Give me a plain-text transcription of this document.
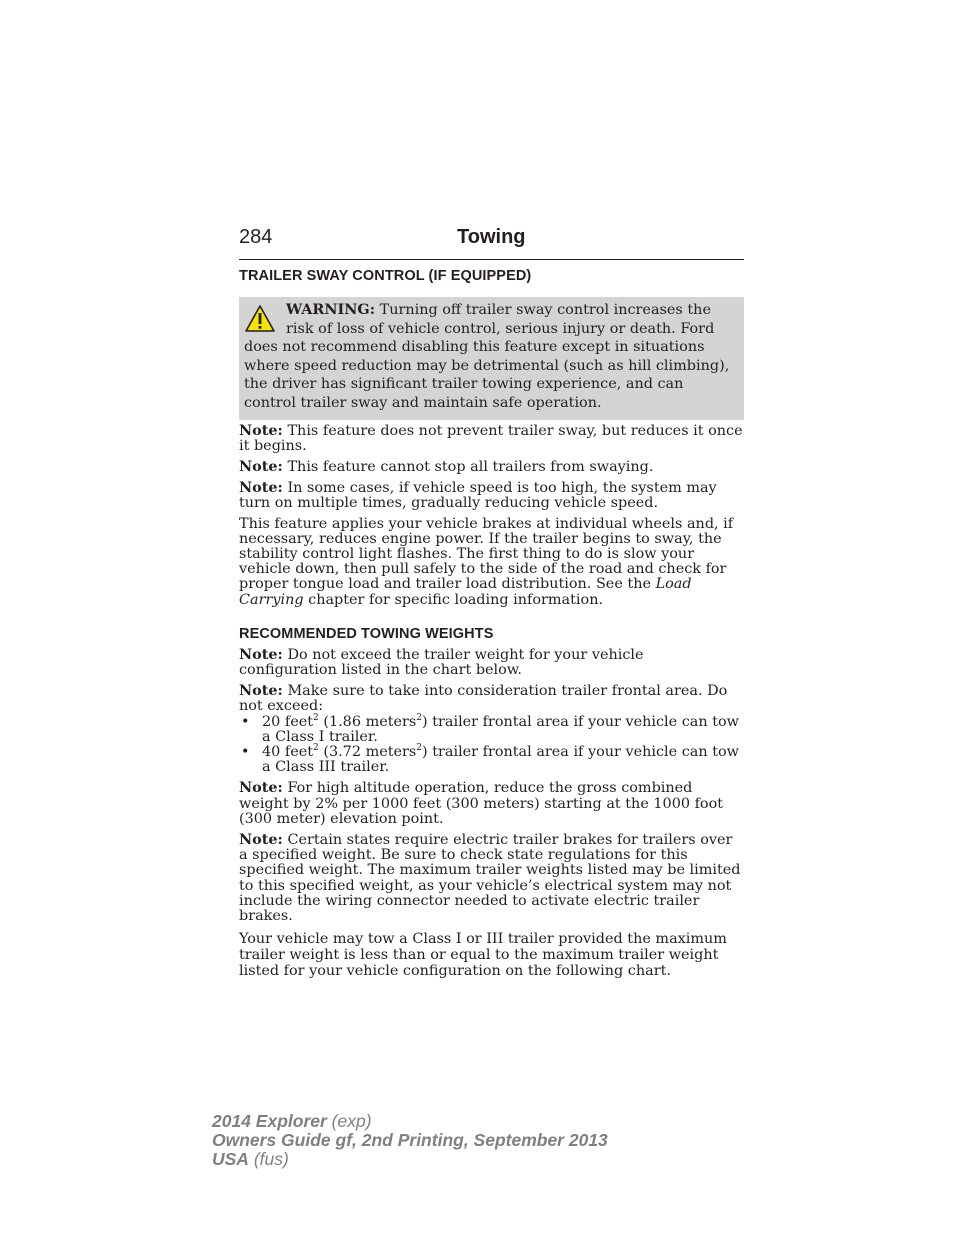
284	Towing
TRAILER SWAY CONTROL (IF EQUIPPED)
WARNING: Turning off trailer sway control increases the risk of loss of vehicle control, serious injury or death. Ford does not recommend disabling this feature except in situations where speed reduction may be detrimental (such as hill climbing), the driver has significant trailer towing experience, and can control trailer sway and maintain safe operation.

Note: This feature does not prevent trailer sway, but reduces it once it begins.

Note: This feature cannot stop all trailers from swaying.

Note: In some cases, if vehicle speed is too high, the system may turn on multiple times, gradually reducing vehicle speed.

This feature applies your vehicle brakes at individual wheels and, if necessary, reduces engine power. If the trailer begins to sway, the stability control light flashes. The first thing to do is slow your vehicle down, then pull safely to the side of the road and check for proper tongue load and trailer load distribution. See the Load Carrying chapter for specific loading information.

RECOMMENDED TOWING WEIGHTS

Note: Do not exceed the trailer weight for your vehicle configuration listed in the chart below.

Note: Make sure to take into consideration trailer frontal area. Do not exceed:

• 20 feet$^2$ (1.86 meters$^2$) trailer frontal area if your vehicle can tow a Class I trailer.
• 40 feet$^2$ (3.72 meters$^2$) trailer frontal area if your vehicle can tow a Class III trailer.

Note: For high altitude operation, reduce the gross combined weight by 2% per 1000 feet (300 meters) starting at the 1000 foot (300 meter) elevation point.

Note: Certain states require electric trailer brakes for trailers over a specified weight. Be sure to check state regulations for this specified weight. The maximum trailer weights listed may be limited to this specified weight, as your vehicle’s electrical system may not include the wiring connector needed to activate electric trailer brakes.

Your vehicle may tow a Class I or III trailer provided the maximum trailer weight is less than or equal to the maximum trailer weight listed for your vehicle configuration on the following chart.

2014 Explorer (exp)
Owners Guide gf, 2nd Printing, September 2013
USA (fus)
